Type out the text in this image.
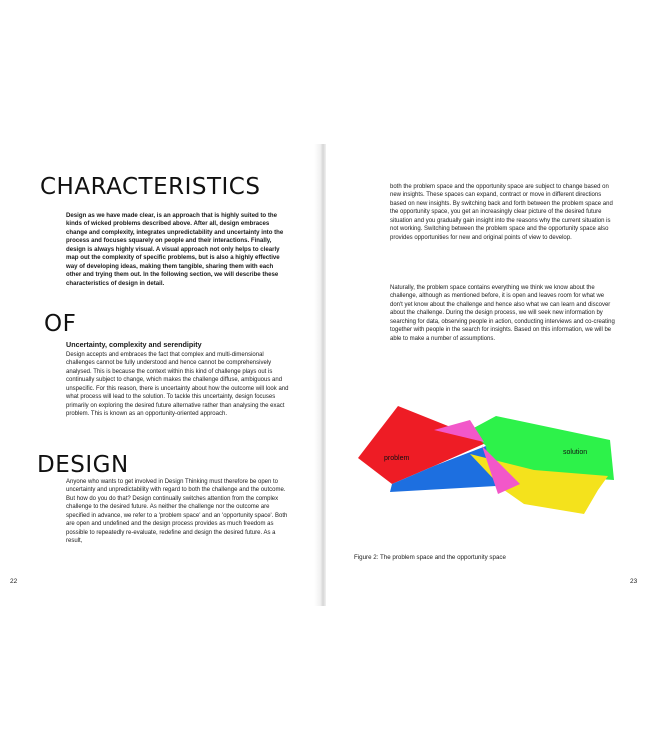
CHARACTERISTICS

Design as we have made clear, is an approach that is highly suited to the kinds of wicked problems described above. After all, design embraces change and complexity, integrates unpredictability and uncertainty into the process and focuses squarely on people and their interactions. Finally, design is always highly visual. A visual approach not only helps to clearly map out the complexity of specific problems, but is also a highly effective way of developing ideas, making them tangible, sharing them with each other and trying them out. In the following section, we will describe these characteristics of design in detail.

OF
Uncertainty, complexity and serendipity

Design accepts and embraces the fact that complex and multi-dimensional challenges cannot be fully understood and hence cannot be comprehensively analysed. This is because the context within this kind of challenge plays out is continually subject to change, which makes the challenge diffuse, ambiguous and unspecific. For this reason, there is uncertainty about how the outcome will look and what process will lead to the solution. To tackle this uncertainty, design focuses primarily on exploring the desired future alternative rather than analysing the exact problem. This is known as an opportunity-oriented approach.

DESIGN

Anyone who wants to get involved in Design Thinking must therefore be open to uncertainty and unpredictability with regard to both the challenge and the outcome. But how do you do that? Design continually switches attention from the complex challenge to the desired future. As neither the challenge nor the outcome are specified in advance, we refer to a 'problem space' and an 'opportunity space'. Both are open and undefined and the design process provides as much freedom as possible to repeatedly re-evaluate, redefine and design the desired future. As a result,

22

both the problem space and the opportunity space are subject to change based on new insights. These spaces can expand, contract or move in different directions based on new insights. By switching back and forth between the problem space and the opportunity space, you get an increasingly clear picture of the desired future situation and you gradually gain insight into the reasons why the current situation is not working. Switching between the problem space and the opportunity space also provides opportunities for new and original points of view to develop.

Naturally, the problem space contains everything we think we know about the challenge, although as mentioned before, it is open and leaves room for what we don't yet know about the challenge and hence also what we can learn and discover about the challenge. During the design process, we will seek new information by searching for data, observing people in action, conducting interviews and co-creating together with people in the search for insights. Based on this information, we will be able to make a number of assumptions.

problem
solution

Figure 2: The problem space and the opportunity space

23
